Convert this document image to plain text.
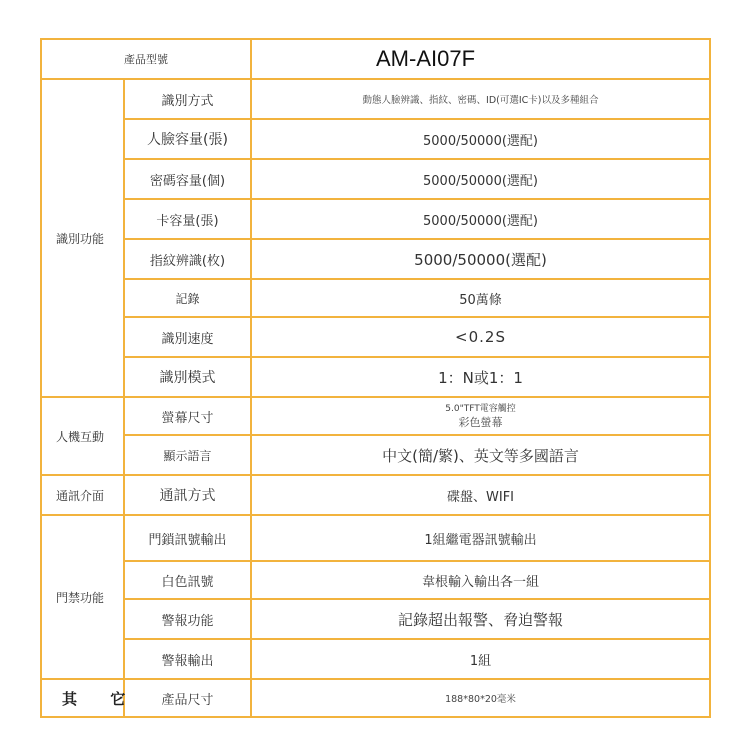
產品型號		AM-AI07F
識別功能	識別方式	動態人臉辨識、指紋、密碼、ID(可選IC卡)以及多種組合
	人臉容量(張)	5000/50000(選配)
	密碼容量(個)	5000/50000(選配)
	卡容量(張)	5000/50000(選配)
	指紋辨識(枚)	5000/50000(選配)
	記錄	50萬條
	識別速度	<0.2S
	識別模式	1：N或1：1
人機互動	螢幕尺寸	5.0"TFT電容觸控
彩色螢幕

	顯示語言	中文(簡/繁)、英文等多國語言
通訊介面	通訊方式	碟盤、WIFI
門禁功能	門鎖訊號輸出	1組繼電器訊號輸出
	白色訊號	韋根輸入輸出各一組
	警報功能	記錄超出報警、脅迫警報
	警報輸出	1組
其 它	產品尺寸	188*80*20毫米
